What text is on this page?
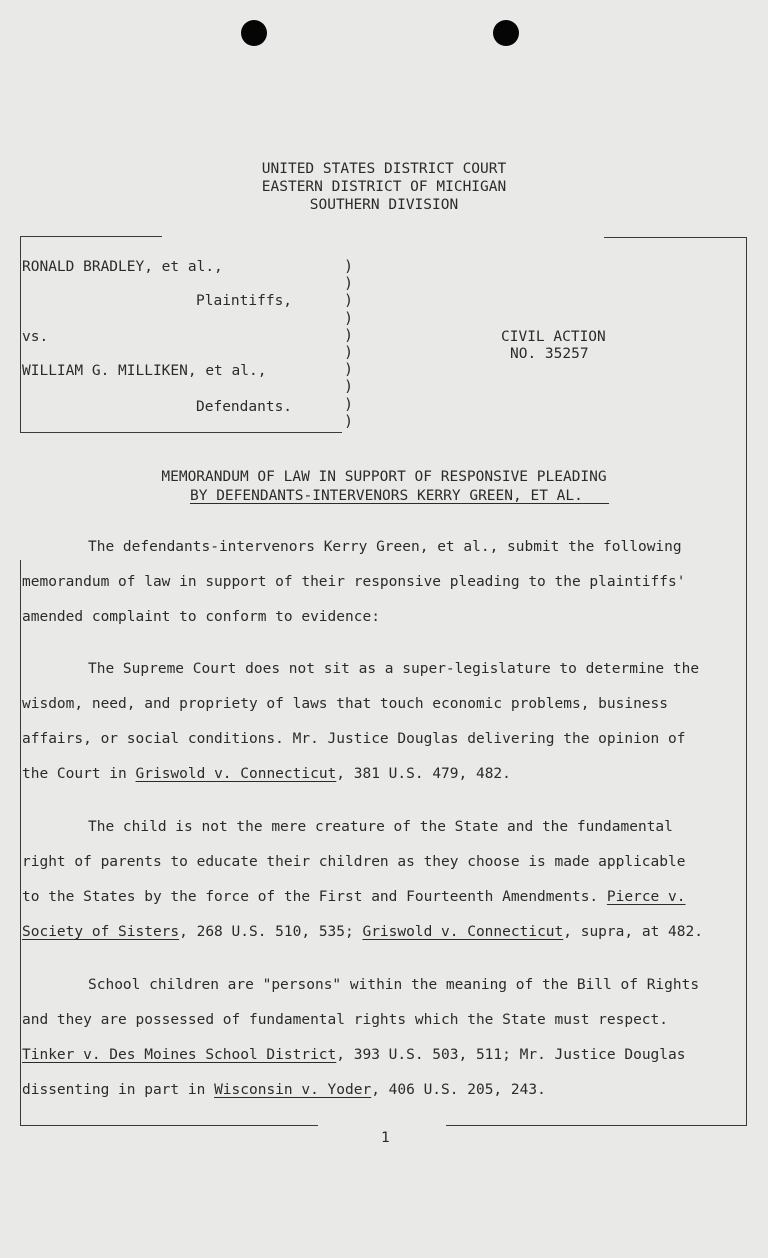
UNITED STATES DISTRICT COURT
EASTERN DISTRICT OF MICHIGAN
SOUTHERN DIVISION
RONALD BRADLEY, et al.,
Plaintiffs,
vs.
WILLIAM G. MILLIKEN, et al.,
Defendants.
)
)
)
)
)
)
)
)
)
)
CIVIL ACTION
NO. 35257
MEMORANDUM OF LAW IN SUPPORT OF RESPONSIVE PLEADING
BY DEFENDANTS-INTERVENORS KERRY GREEN, ET AL.
The defendants-intervenors Kerry Green, et al., submit the following
memorandum of law in support of their responsive pleading to the plaintiffs'
amended complaint to conform to evidence:
The Supreme Court does not sit as a super-legislature to determine the
wisdom, need, and propriety of laws that touch economic problems, business
affairs, or social conditions. Mr. Justice Douglas delivering the opinion of
the Court in Griswold v. Connecticut, 381 U.S. 479, 482.
The child is not the mere creature of the State and the fundamental
right of parents to educate their children as they choose is made applicable
to the States by the force of the First and Fourteenth Amendments. Pierce v.
Society of Sisters, 268 U.S. 510, 535; Griswold v. Connecticut, supra, at 482.
School children are "persons" within the meaning of the Bill of Rights
and they are possessed of fundamental rights which the State must respect.
Tinker v. Des Moines School District, 393 U.S. 503, 511; Mr. Justice Douglas
dissenting in part in Wisconsin v. Yoder, 406 U.S. 205, 243.
1
